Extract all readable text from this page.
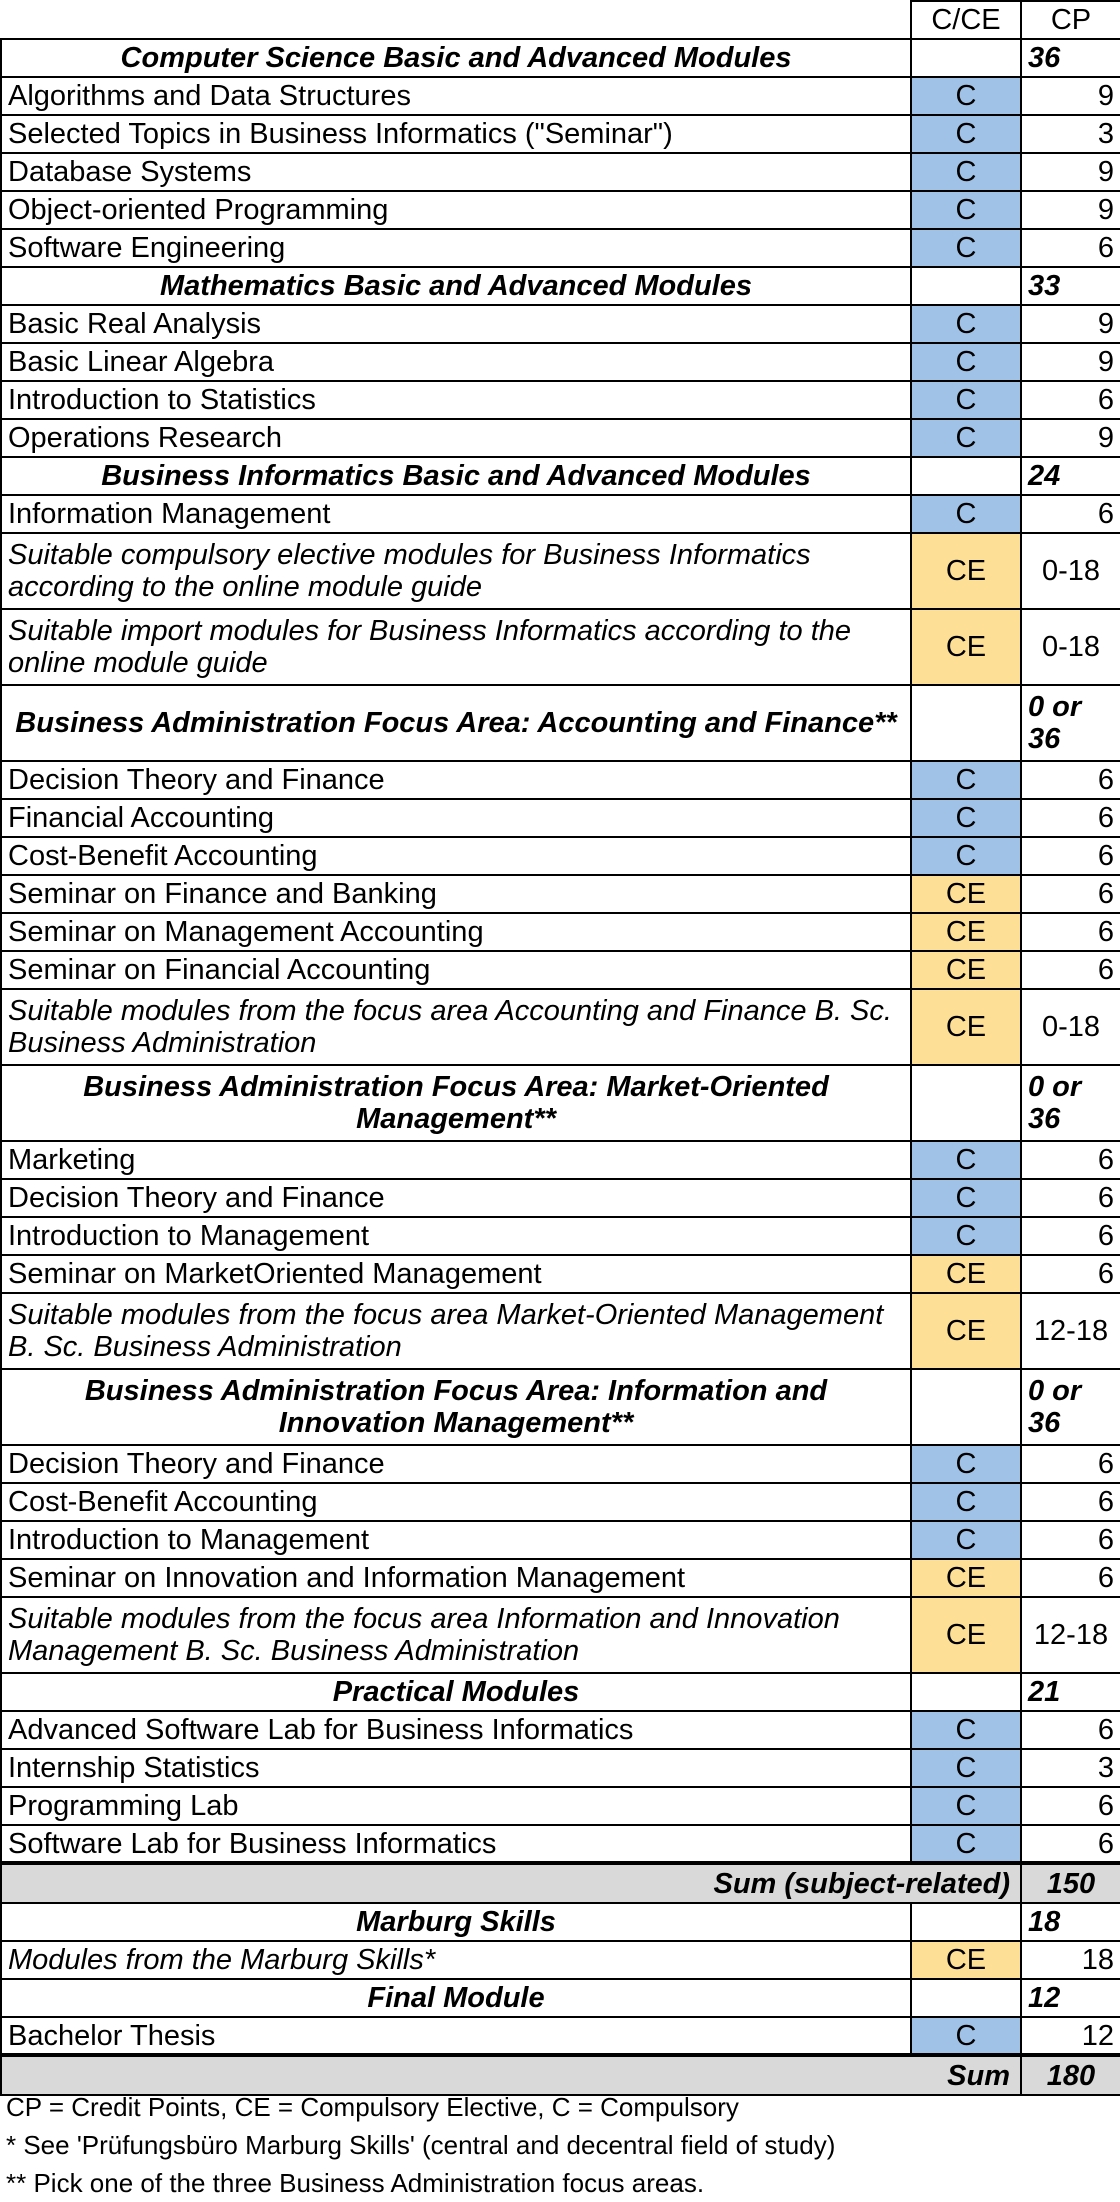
	C/CE	CP
Computer Science Basic and Advanced Modules		36
Algorithms and Data Structures	C	9
Selected Topics in Business Informatics ("Seminar")	C	3
Database Systems	C	9
Object-oriented Programming	C	9
Software Engineering	C	6
Mathematics Basic and Advanced Modules		33
Basic Real Analysis	C	9
Basic Linear Algebra	C	9
Introduction to Statistics	C	6
Operations Research	C	9
Business Informatics Basic and Advanced Modules		24
Information Management	C	6
Suitable compulsory elective modules for Business Informatics according to the online module guide	CE	0-18
Suitable import modules for Business Informatics according to the online module guide	CE	0-18
Business Administration Focus Area: Accounting and Finance**		0 or 36
Decision Theory and Finance	C	6
Financial Accounting	C	6
Cost-Benefit Accounting	C	6
Seminar on Finance and Banking	CE	6
Seminar on Management Accounting	CE	6
Seminar on Financial Accounting	CE	6
Suitable modules from the focus area Accounting and Finance B. Sc. Business Administration	CE	0-18
Business Administration Focus Area: Market-Oriented Management**		0 or 36
Marketing	C	6
Decision Theory and Finance	C	6
Introduction to Management	C	6
Seminar on MarketOriented Management	CE	6
Suitable modules from the focus area Market-Oriented Management B. Sc. Business Administration	CE	12-18
Business Administration Focus Area: Information and Innovation Management**		0 or 36
Decision Theory and Finance	C	6
Cost-Benefit Accounting	C	6
Introduction to Management	C	6
Seminar on Innovation and Information Management	CE	6
Suitable modules from the focus area Information and Innovation Management B. Sc. Business Administration	CE	12-18
Practical Modules		21
Advanced Software Lab for Business Informatics	C	6
Internship Statistics	C	3
Programming Lab	C	6
Software Lab for Business Informatics	C	6
Sum (subject-related)		150
Marburg Skills		18
Modules from the Marburg Skills*	CE	18
Final Module		12
Bachelor Thesis	C	12
Sum		180
CP = Credit Points, CE = Compulsory Elective, C = Compulsory
* See 'Prüfungsbüro Marburg Skills' (central and decentral field of study)
** Pick one of the three Business Administration focus areas.
